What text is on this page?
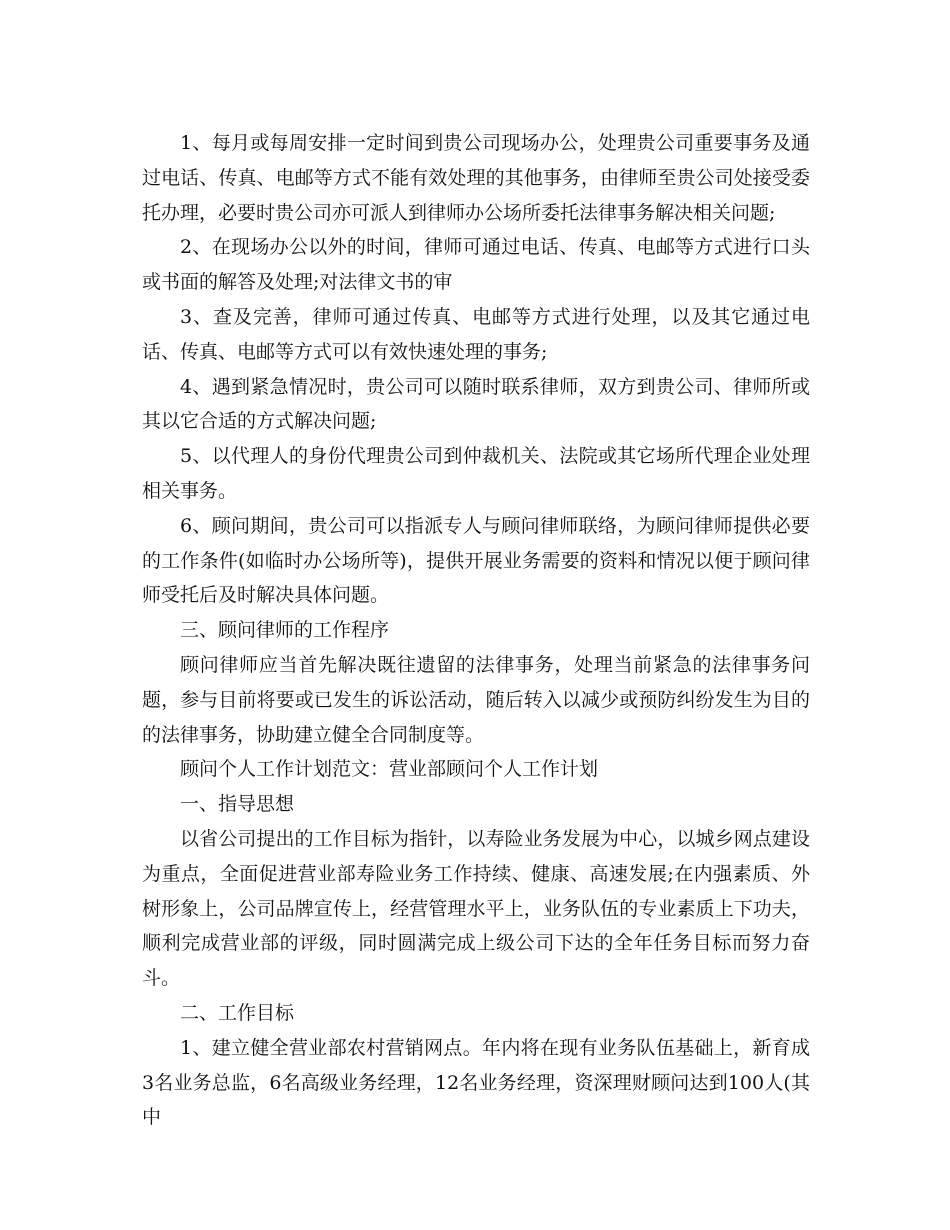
1、每月或每周安排一定时间到贵公司现场办公，处理贵公司重要事务及通过电话、传真、电邮等方式不能有效处理的其他事务，由律师至贵公司处接受委托办理，必要时贵公司亦可派人到律师办公场所委托法律事务解决相关问题;

2、在现场办公以外的时间，律师可通过电话、传真、电邮等方式进行口头或书面的解答及处理;对法律文书的审

3、查及完善，律师可通过传真、电邮等方式进行处理，以及其它通过电话、传真、电邮等方式可以有效快速处理的事务;

4、遇到紧急情况时，贵公司可以随时联系律师，双方到贵公司、律师所或其以它合适的方式解决问题;

5、以代理人的身份代理贵公司到仲裁机关、法院或其它场所代理企业处理相关事务。

6、顾问期间，贵公司可以指派专人与顾问律师联络，为顾问律师提供必要的工作条件(如临时办公场所等)，提供开展业务需要的资料和情况以便于顾问律师受托后及时解决具体问题。

三、顾问律师的工作程序

顾问律师应当首先解决既往遗留的法律事务，处理当前紧急的法律事务问题，参与目前将要或已发生的诉讼活动，随后转入以减少或预防纠纷发生为目的的法律事务，协助建立健全合同制度等。

顾问个人工作计划范文：营业部顾问个人工作计划

一、指导思想

以省公司提出的工作目标为指针，以寿险业务发展为中心，以城乡网点建设为重点，全面促进营业部寿险业务工作持续、健康、高速发展;在内强素质、外树形象上，公司品牌宣传上，经营管理水平上，业务队伍的专业素质上下功夫，顺利完成营业部的评级，同时圆满完成上级公司下达的全年任务目标而努力奋斗。

二、工作目标

1、建立健全营业部农村营销网点。年内将在现有业务队伍基础上，新育成3名业务总监，6名高级业务经理，12名业务经理，资深理财顾问达到100人(其中
